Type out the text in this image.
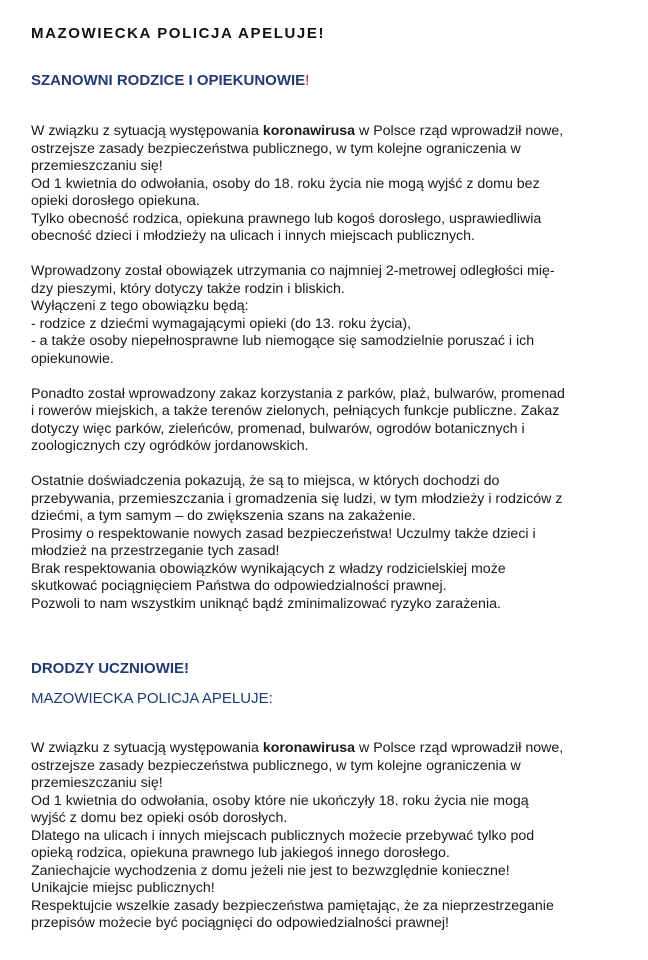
MAZOWIECKA POLICJA APELUJE!
SZANOWNI RODZICE I OPIEKUNOWIE!
W związku z sytuacją występowania koronawirusa w Polsce rząd wprowadził nowe,
ostrzejsze zasady bezpieczeństwa publicznego, w tym kolejne ograniczenia w
przemieszczaniu się!
Od 1 kwietnia do odwołania, osoby do 18. roku życia nie mogą wyjść z domu bez
opieki dorosłego opiekuna.
Tylko obecność rodzica, opiekuna prawnego lub kogoś dorosłego, usprawiedliwia
obecność dzieci i młodzieży na ulicach i innych miejscach publicznych.
Wprowadzony został obowiązek utrzymania co najmniej 2-metrowej odległości mię-
dzy pieszymi, który dotyczy także rodzin i bliskich.
Wyłączeni z tego obowiązku będą:
- rodzice z dziećmi wymagającymi opieki (do 13. roku życia),
- a także osoby niepełnosprawne lub niemogące się samodzielnie poruszać i ich
opiekunowie.
Ponadto został wprowadzony zakaz korzystania z parków, plaż, bulwarów, promenad
i rowerów miejskich, a także terenów zielonych, pełniących funkcje publiczne. Zakaz
dotyczy więc parków, zieleńców, promenad, bulwarów, ogrodów botanicznych i
zoologicznych czy ogródków jordanowskich.
Ostatnie doświadczenia pokazują, że są to miejsca, w których dochodzi do
przebywania, przemieszczania i gromadzenia się ludzi, w tym młodzieży i rodziców z
dziećmi, a tym samym – do zwiększenia szans na zakażenie.
Prosimy o respektowanie nowych zasad bezpieczeństwa! Uczulmy także dzieci i
młodzież na przestrzeganie tych zasad!
Brak respektowania obowiązków wynikających z władzy rodzicielskiej może
skutkować pociągnięciem Państwa do odpowiedzialności prawnej.
Pozwoli to nam wszystkim uniknąć bądź zminimalizować ryzyko zarażenia.
DRODZY UCZNIOWIE!
MAZOWIECKA POLICJA APELUJE:
W związku z sytuacją występowania koronawirusa w Polsce rząd wprowadził nowe,
ostrzejsze zasady bezpieczeństwa publicznego, w tym kolejne ograniczenia w
przemieszczaniu się!
Od 1 kwietnia do odwołania, osoby które nie ukończyły 18. roku życia nie mogą
wyjść z domu bez opieki osób dorosłych.
Dlatego na ulicach i innych miejscach publicznych możecie przebywać tylko pod
opieką rodzica, opiekuna prawnego lub jakiegoś innego dorosłego.
Zaniechajcie wychodzenia z domu jeżeli nie jest to bezwzględnie konieczne!
Unikajcie miejsc publicznych!
Respektujcie wszelkie zasady bezpieczeństwa pamiętając, że za nieprzestrzeganie
przepisów możecie być pociągnięci do odpowiedzialności prawnej!
